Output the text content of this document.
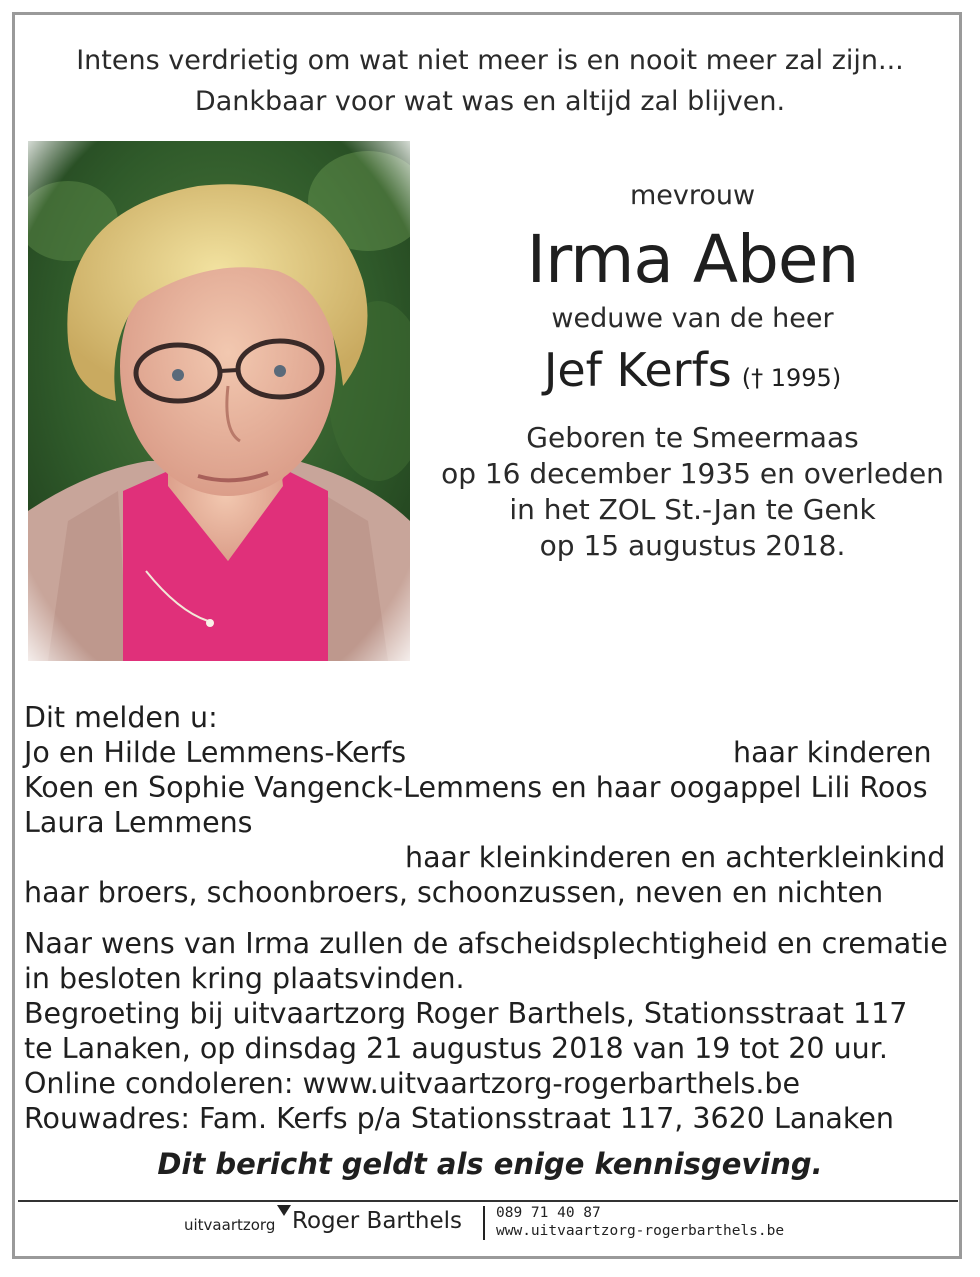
Intens verdrietig om wat niet meer is en nooit meer zal zijn...
Dankbaar voor wat was en altijd zal blijven.
mevrouw
Irma Aben
weduwe van de heer
Jef Kerfs († 1995)
Geboren te Smeermaas
op 16 december 1935 en overleden
in het ZOL St.-Jan te Genk
op 15 augustus 2018.
Dit melden u:
Jo en Hilde Lemmens-Kerfs	haar kinderen
Koen en Sophie Vangenck-Lemmens en haar oogappel Lili Roos
Laura Lemmens
haar kleinkinderen en achterkleinkind
haar broers, schoonbroers, schoonzussen, neven en nichten
Naar wens van Irma zullen de afscheidsplechtigheid en crematie
in besloten kring plaatsvinden.
Begroeting bij uitvaartzorg Roger Barthels, Stationsstraat 117
te Lanaken, op dinsdag 21 augustus 2018 van 19 tot 20 uur.
Online condoleren: www.uitvaartzorg-rogerbarthels.be
Rouwadres: Fam. Kerfs p/a Stationsstraat 117, 3620 Lanaken
Dit bericht geldt als enige kennisgeving.
uitvaartzorg Roger Barthels 089 71 40 87
www.uitvaartzorg-rogerbarthels.be
